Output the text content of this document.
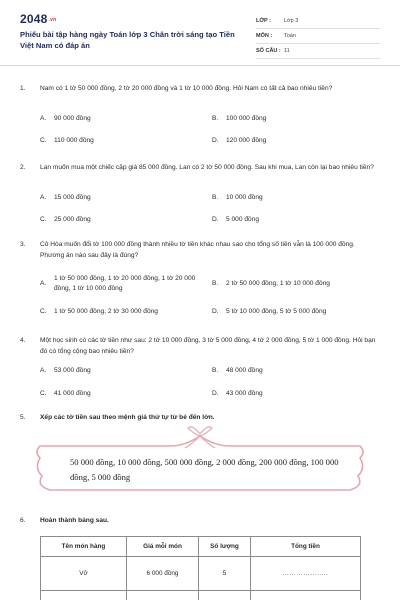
2048.vn
Phiếu bài tập hàng ngày Toán lớp 3 Chân trời sáng tạo Tiền Việt Nam có đáp án
LỚP : Lớp 3
MÔN : Toán
SỐ CÂU : 11
1. Nam có 1 tờ 50 000 đồng, 2 tờ 20 000 đồng và 1 tờ 10 000 đồng. Hỏi Nam có tất cả bao nhiêu tiền?
A. 90 000 đồng	B. 100 000 đồng
C. 110 000 đồng	D. 120 000 đồng
2. Lan muốn mua một chiếc cặp giá 85 000 đồng. Lan có 2 tờ 50 000 đồng. Sau khi mua, Lan còn lại bao nhiêu tiền?
A. 15 000 đồng	B. 10 000 đồng
C. 25 000 đồng	D. 5 000 đồng
3. Cô Hòa muốn đổi tờ 100 000 đồng thành nhiều tờ tiền khác nhau sao cho tổng số tiền vẫn là 100 000 đồng. Phương án nào sau đây là đúng?
A.
1 tờ 50 000 đồng, 1 tờ 20 000 đồng, 1 tờ 20 000 đồng, 1 tờ 10 000 đồng
B. 2 tờ 50 000 đồng, 1 tờ 10 000 đồng
C. 1 tờ 50 000 đồng, 2 tờ 30 000 đồng	D. 5 tờ 10 000 đồng, 5 tờ 5 000 đồng
4. Một học sinh có các tờ tiền như sau: 2 tờ 10 000 đồng, 3 tờ 5 000 đồng, 4 tờ 2 000 đồng, 5 tờ 1 000 đồng. Hỏi bạn đó có tổng cộng bao nhiêu tiền?
A. 53 000 đồng	B. 48 000 đồng
C. 41 000 đồng	D. 43 000 đồng
5. Xếp các tờ tiền sau theo mệnh giá thứ tự từ bé đến lớn.
50 000 đồng, 10 000 đồng, 500 000 đồng, 2 000 đồng, 200 000 đồng, 100 000 đồng, 5 000 đồng
6. Hoàn thành bảng sau.
Tên món hàng	Giá mỗi món	Số lượng	Tổng tiền
Vở	6 000 đồng	5	………………..
